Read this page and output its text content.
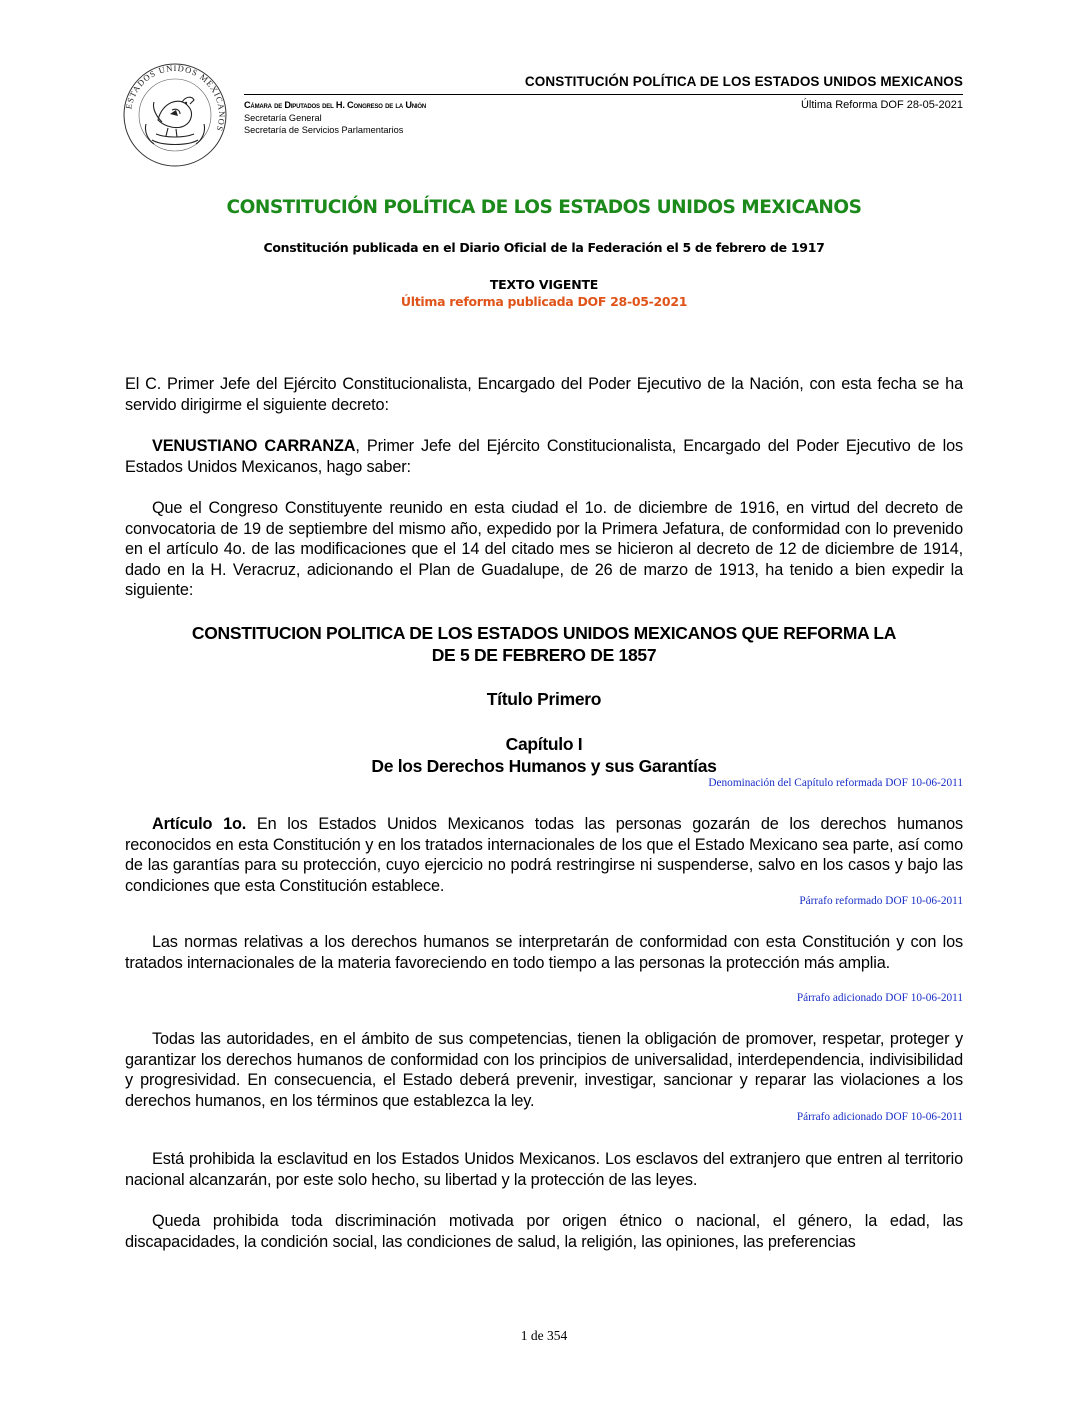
ESTADOS UNIDOS MEXICANOS
CONSTITUCIÓN POLÍTICA DE LOS ESTADOS UNIDOS MEXICANOS
Cámara de Diputados del H. Congreso de la Unión
Secretaría General
Secretaría de Servicios Parlamentarios
Última Reforma DOF 28-05-2021
CONSTITUCIÓN POLÍTICA DE LOS ESTADOS UNIDOS MEXICANOS
Constitución publicada en el Diario Oficial de la Federación el 5 de febrero de 1917
TEXTO VIGENTE
Última reforma publicada DOF 28-05-2021
El C. Primer Jefe del Ejército Constitucionalista, Encargado del Poder Ejecutivo de la Nación, con esta fecha se ha servido dirigirme el siguiente decreto:
VENUSTIANO CARRANZA, Primer Jefe del Ejército Constitucionalista, Encargado del Poder Ejecutivo de los Estados Unidos Mexicanos, hago saber:
Que el Congreso Constituyente reunido en esta ciudad el 1o. de diciembre de 1916, en virtud del decreto de convocatoria de 19 de septiembre del mismo año, expedido por la Primera Jefatura, de conformidad con lo prevenido en el artículo 4o. de las modificaciones que el 14 del citado mes se hicieron al decreto de 12 de diciembre de 1914, dado en la H. Veracruz, adicionando el Plan de Guadalupe, de 26 de marzo de 1913, ha tenido a bien expedir la siguiente:
CONSTITUCION POLITICA DE LOS ESTADOS UNIDOS MEXICANOS QUE REFORMA LA
DE 5 DE FEBRERO DE 1857
Título Primero
Capítulo I
De los Derechos Humanos y sus Garantías
Denominación del Capítulo reformada DOF 10-06-2011
Artículo 1o. En los Estados Unidos Mexicanos todas las personas gozarán de los derechos humanos reconocidos en esta Constitución y en los tratados internacionales de los que el Estado Mexicano sea parte, así como de las garantías para su protección, cuyo ejercicio no podrá restringirse ni suspenderse, salvo en los casos y bajo las condiciones que esta Constitución establece.
Párrafo reformado DOF 10-06-2011
Las normas relativas a los derechos humanos se interpretarán de conformidad con esta Constitución y con los tratados internacionales de la materia favoreciendo en todo tiempo a las personas la protección más amplia.
Párrafo adicionado DOF 10-06-2011
Todas las autoridades, en el ámbito de sus competencias, tienen la obligación de promover, respetar, proteger y garantizar los derechos humanos de conformidad con los principios de universalidad, interdependencia, indivisibilidad y progresividad. En consecuencia, el Estado deberá prevenir, investigar, sancionar y reparar las violaciones a los derechos humanos, en los términos que establezca la ley.
Párrafo adicionado DOF 10-06-2011
Está prohibida la esclavitud en los Estados Unidos Mexicanos. Los esclavos del extranjero que entren al territorio nacional alcanzarán, por este solo hecho, su libertad y la protección de las leyes.
Queda prohibida toda discriminación motivada por origen étnico o nacional, el género, la edad, las discapacidades, la condición social, las condiciones de salud, la religión, las opiniones, las preferencias
1 de 354
